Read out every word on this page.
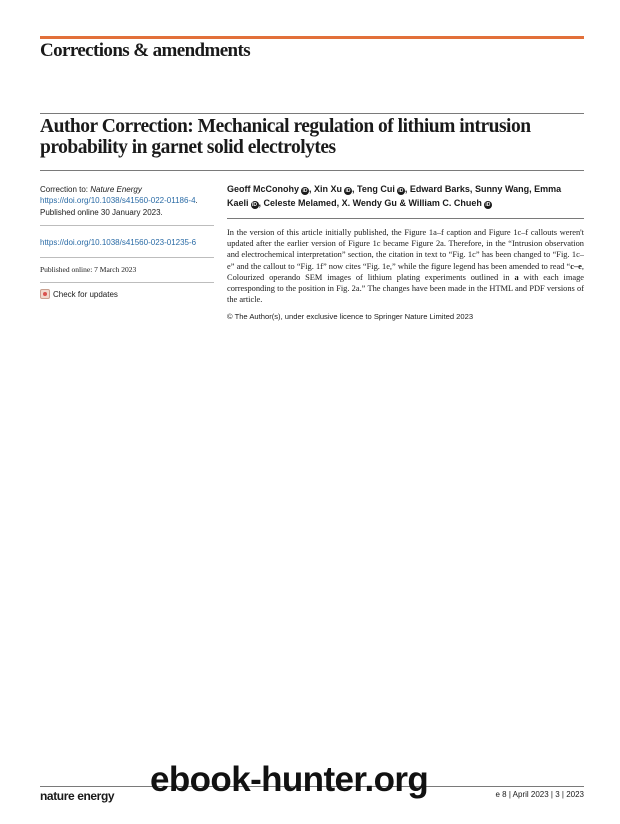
Corrections & amendments
Author Correction: Mechanical regulation of lithium intrusion probability in garnet solid electrolytes
Correction to: Nature Energy https://doi.org/10.1038/s41560-022-01186-4. Published online 30 January 2023.
https://doi.org/10.1038/s41560-023-01235-6
Published online: 7 March 2023
Check for updates
Geoff McConohy iD , Xin Xu iD , Teng Cui iD , Edward Barks, Sunny Wang, Emma Kaeli iD , Celeste Melamed, X. Wendy Gu & William C. Chueh iD

In the version of this article initially published, the Figure 1a–f caption and Figure 1c–f callouts weren't updated after the earlier version of Figure 1c became Figure 2a. Therefore, in the “Intrusion observation and electrochemical interpretation” section, the citation in text to “Fig. 1c” has been changed to “Fig. 1c–e” and the callout to “Fig. 1f” now cites “Fig. 1e,” while the figure legend has been amended to read “c–e, Colourized operando SEM images of lithium plating experiments outlined in a with each image corresponding to the position in Fig. 2a.” The changes have been made in the HTML and PDF versions of the article.

© The Author(s), under exclusive licence to Springer Nature Limited 2023
nature energy	e 8 | April 2023 | 3 | 2023
ebook-hunter.org
